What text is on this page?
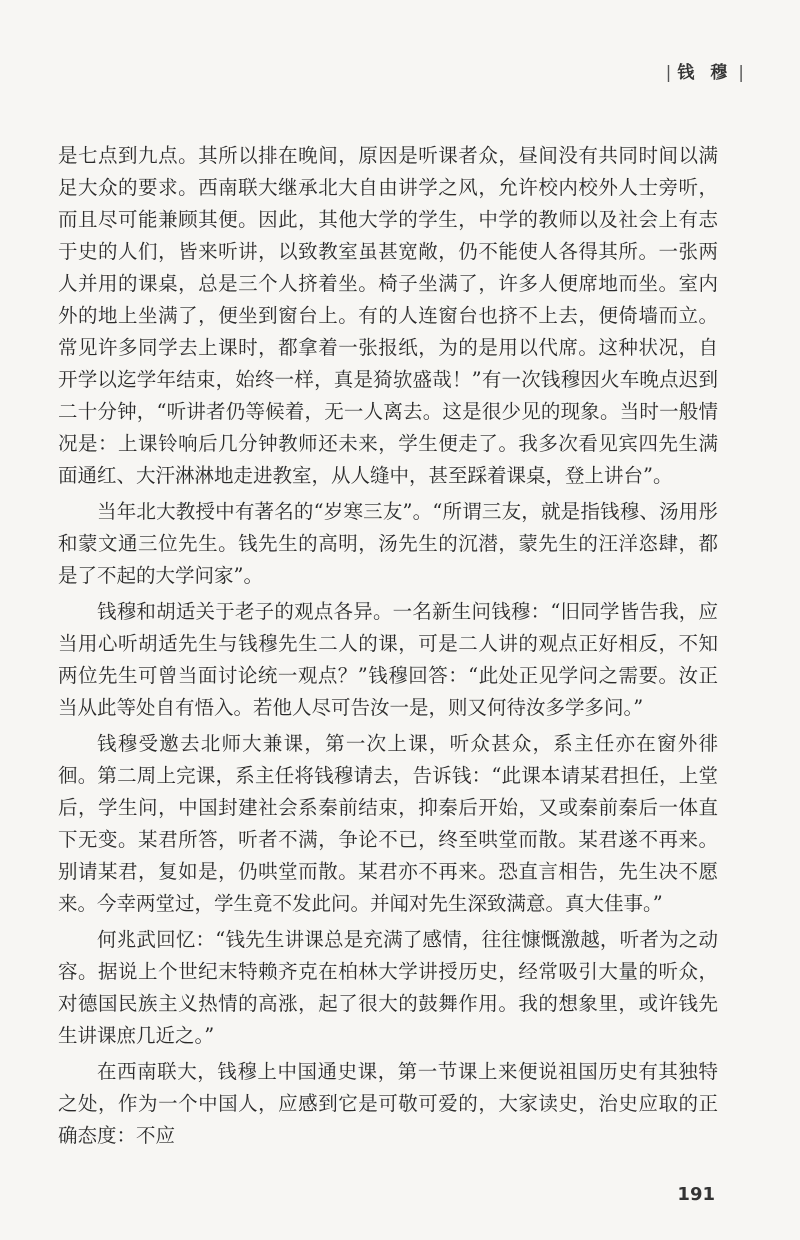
| 钱 穆 |

是七点到九点。其所以排在晚间，原因是听课者众，昼间没有共同时间以满足大众的要求。西南联大继承北大自由讲学之风，允许校内校外人士旁听，而且尽可能兼顾其便。因此，其他大学的学生，中学的教师以及社会上有志于史的人们，皆来听讲，以致教室虽甚宽敞，仍不能使人各得其所。一张两人并用的课桌，总是三个人挤着坐。椅子坐满了，许多人便席地而坐。室内外的地上坐满了，便坐到窗台上。有的人连窗台也挤不上去，便倚墙而立。常见许多同学去上课时，都拿着一张报纸，为的是用以代席。这种状况，自开学以迄学年结束，始终一样，真是猗欤盛哉！”有一次钱穆因火车晚点迟到二十分钟，“听讲者仍等候着，无一人离去。这是很少见的现象。当时一般情况是：上课铃响后几分钟教师还未来，学生便走了。我多次看见宾四先生满面通红、大汗淋淋地走进教室，从人缝中，甚至踩着课桌，登上讲台”。

当年北大教授中有著名的“岁寒三友”。“所谓三友，就是指钱穆、汤用彤和蒙文通三位先生。钱先生的高明，汤先生的沉潜，蒙先生的汪洋恣肆，都是了不起的大学问家”。

钱穆和胡适关于老子的观点各异。一名新生问钱穆：“旧同学皆告我，应当用心听胡适先生与钱穆先生二人的课，可是二人讲的观点正好相反，不知两位先生可曾当面讨论统一观点？”钱穆回答：“此处正见学问之需要。汝正当从此等处自有悟入。若他人尽可告汝一是，则又何待汝多学多问。”

钱穆受邀去北师大兼课，第一次上课，听众甚众，系主任亦在窗外徘徊。第二周上完课，系主任将钱穆请去，告诉钱：“此课本请某君担任，上堂后，学生问，中国封建社会系秦前结束，抑秦后开始，又或秦前秦后一体直下无变。某君所答，听者不满，争论不已，终至哄堂而散。某君遂不再来。别请某君，复如是，仍哄堂而散。某君亦不再来。恐直言相告，先生决不愿来。今幸两堂过，学生竟不发此问。并闻对先生深致满意。真大佳事。”

何兆武回忆：“钱先生讲课总是充满了感情，往往慷慨激越，听者为之动容。据说上个世纪末特赖齐克在柏林大学讲授历史，经常吸引大量的听众，对德国民族主义热情的高涨，起了很大的鼓舞作用。我的想象里，或许钱先生讲课庶几近之。”

在西南联大，钱穆上中国通史课，第一节课上来便说祖国历史有其独特之处，作为一个中国人，应感到它是可敬可爱的，大家读史，治史应取的正确态度：不应

191
